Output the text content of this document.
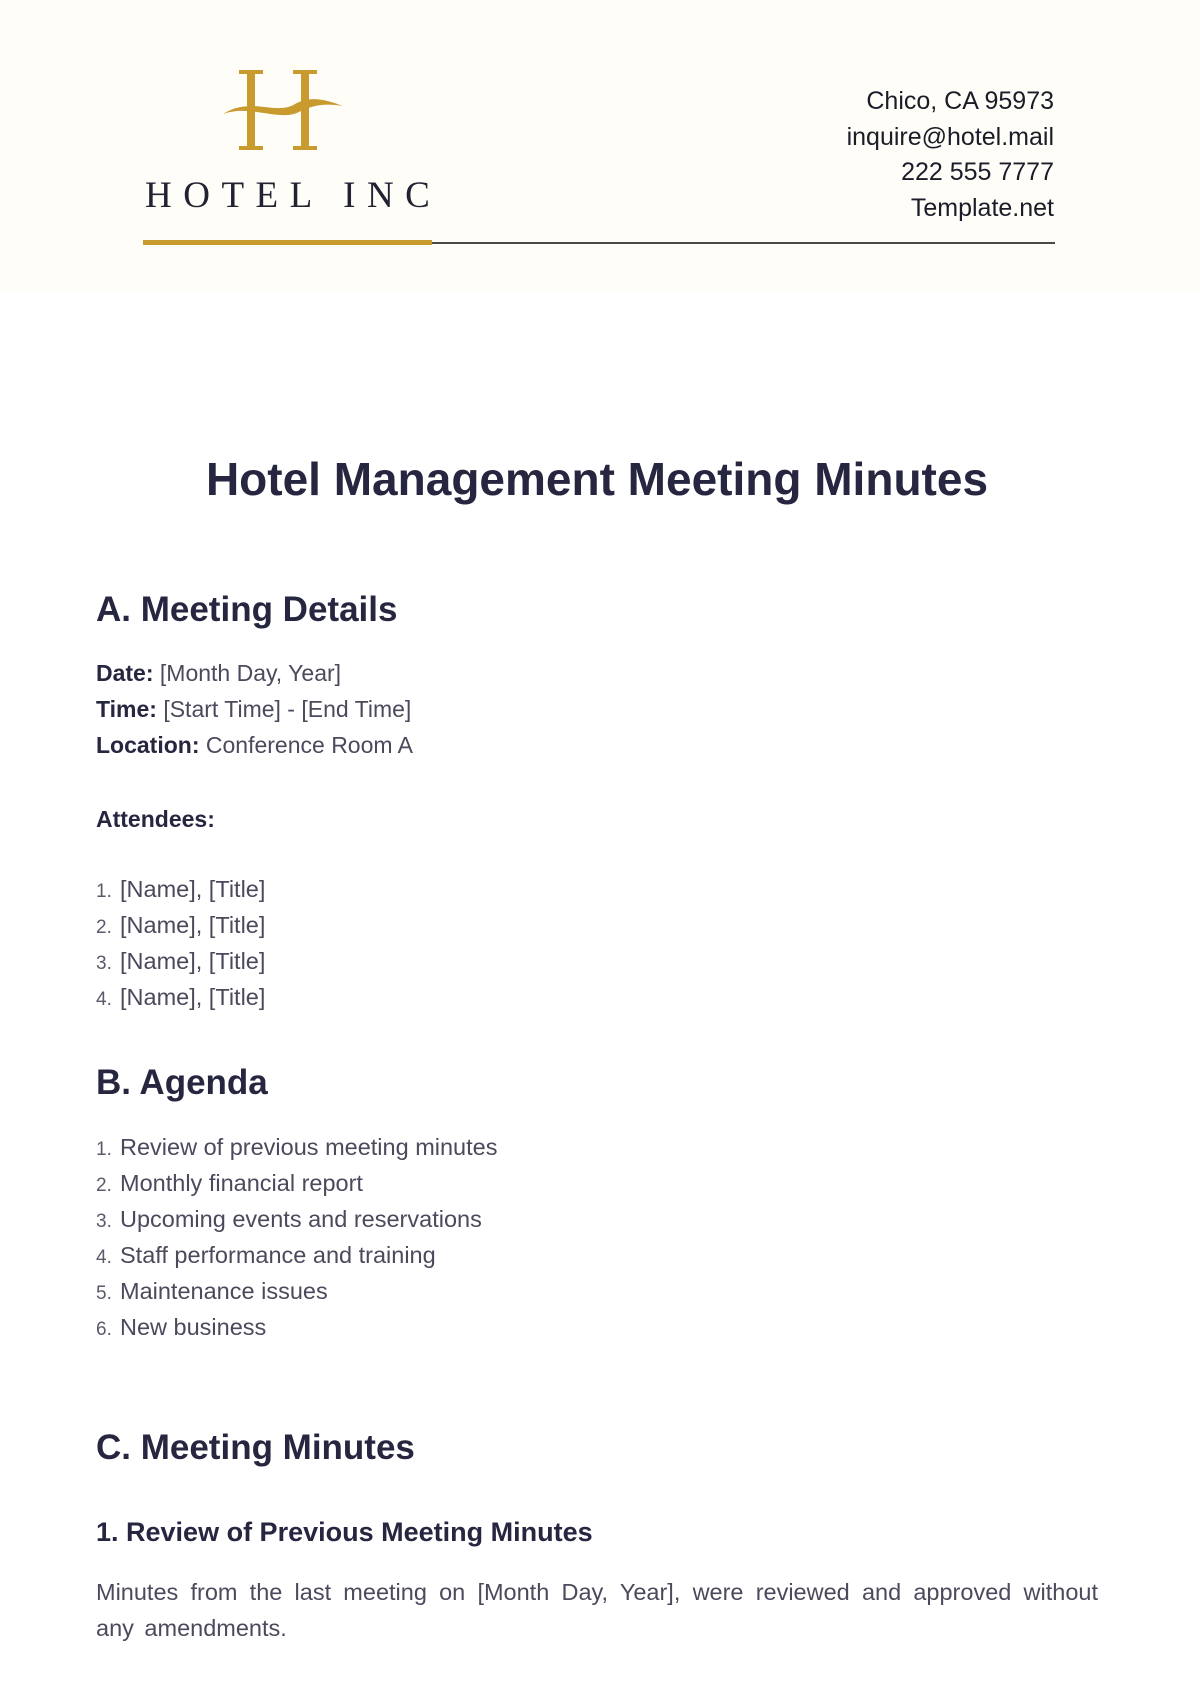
HOTEL INC
Chico, CA 95973
inquire@hotel.mail
222 555 7777
Template.net
Hotel Management Meeting Minutes
A. Meeting Details
Date: [Month Day, Year]
Time: [Start Time] - [End Time]
Location: Conference Room A
Attendees:
1. [Name], [Title]
2. [Name], [Title]
3. [Name], [Title]
4. [Name], [Title]
B. Agenda
1. Review of previous meeting minutes
2. Monthly financial report
3. Upcoming events and reservations
4. Staff performance and training
5. Maintenance issues
6. New business
C. Meeting Minutes
1. Review of Previous Meeting Minutes

Minutes from the last meeting on [Month Day, Year], were reviewed and approved without any amendments.
